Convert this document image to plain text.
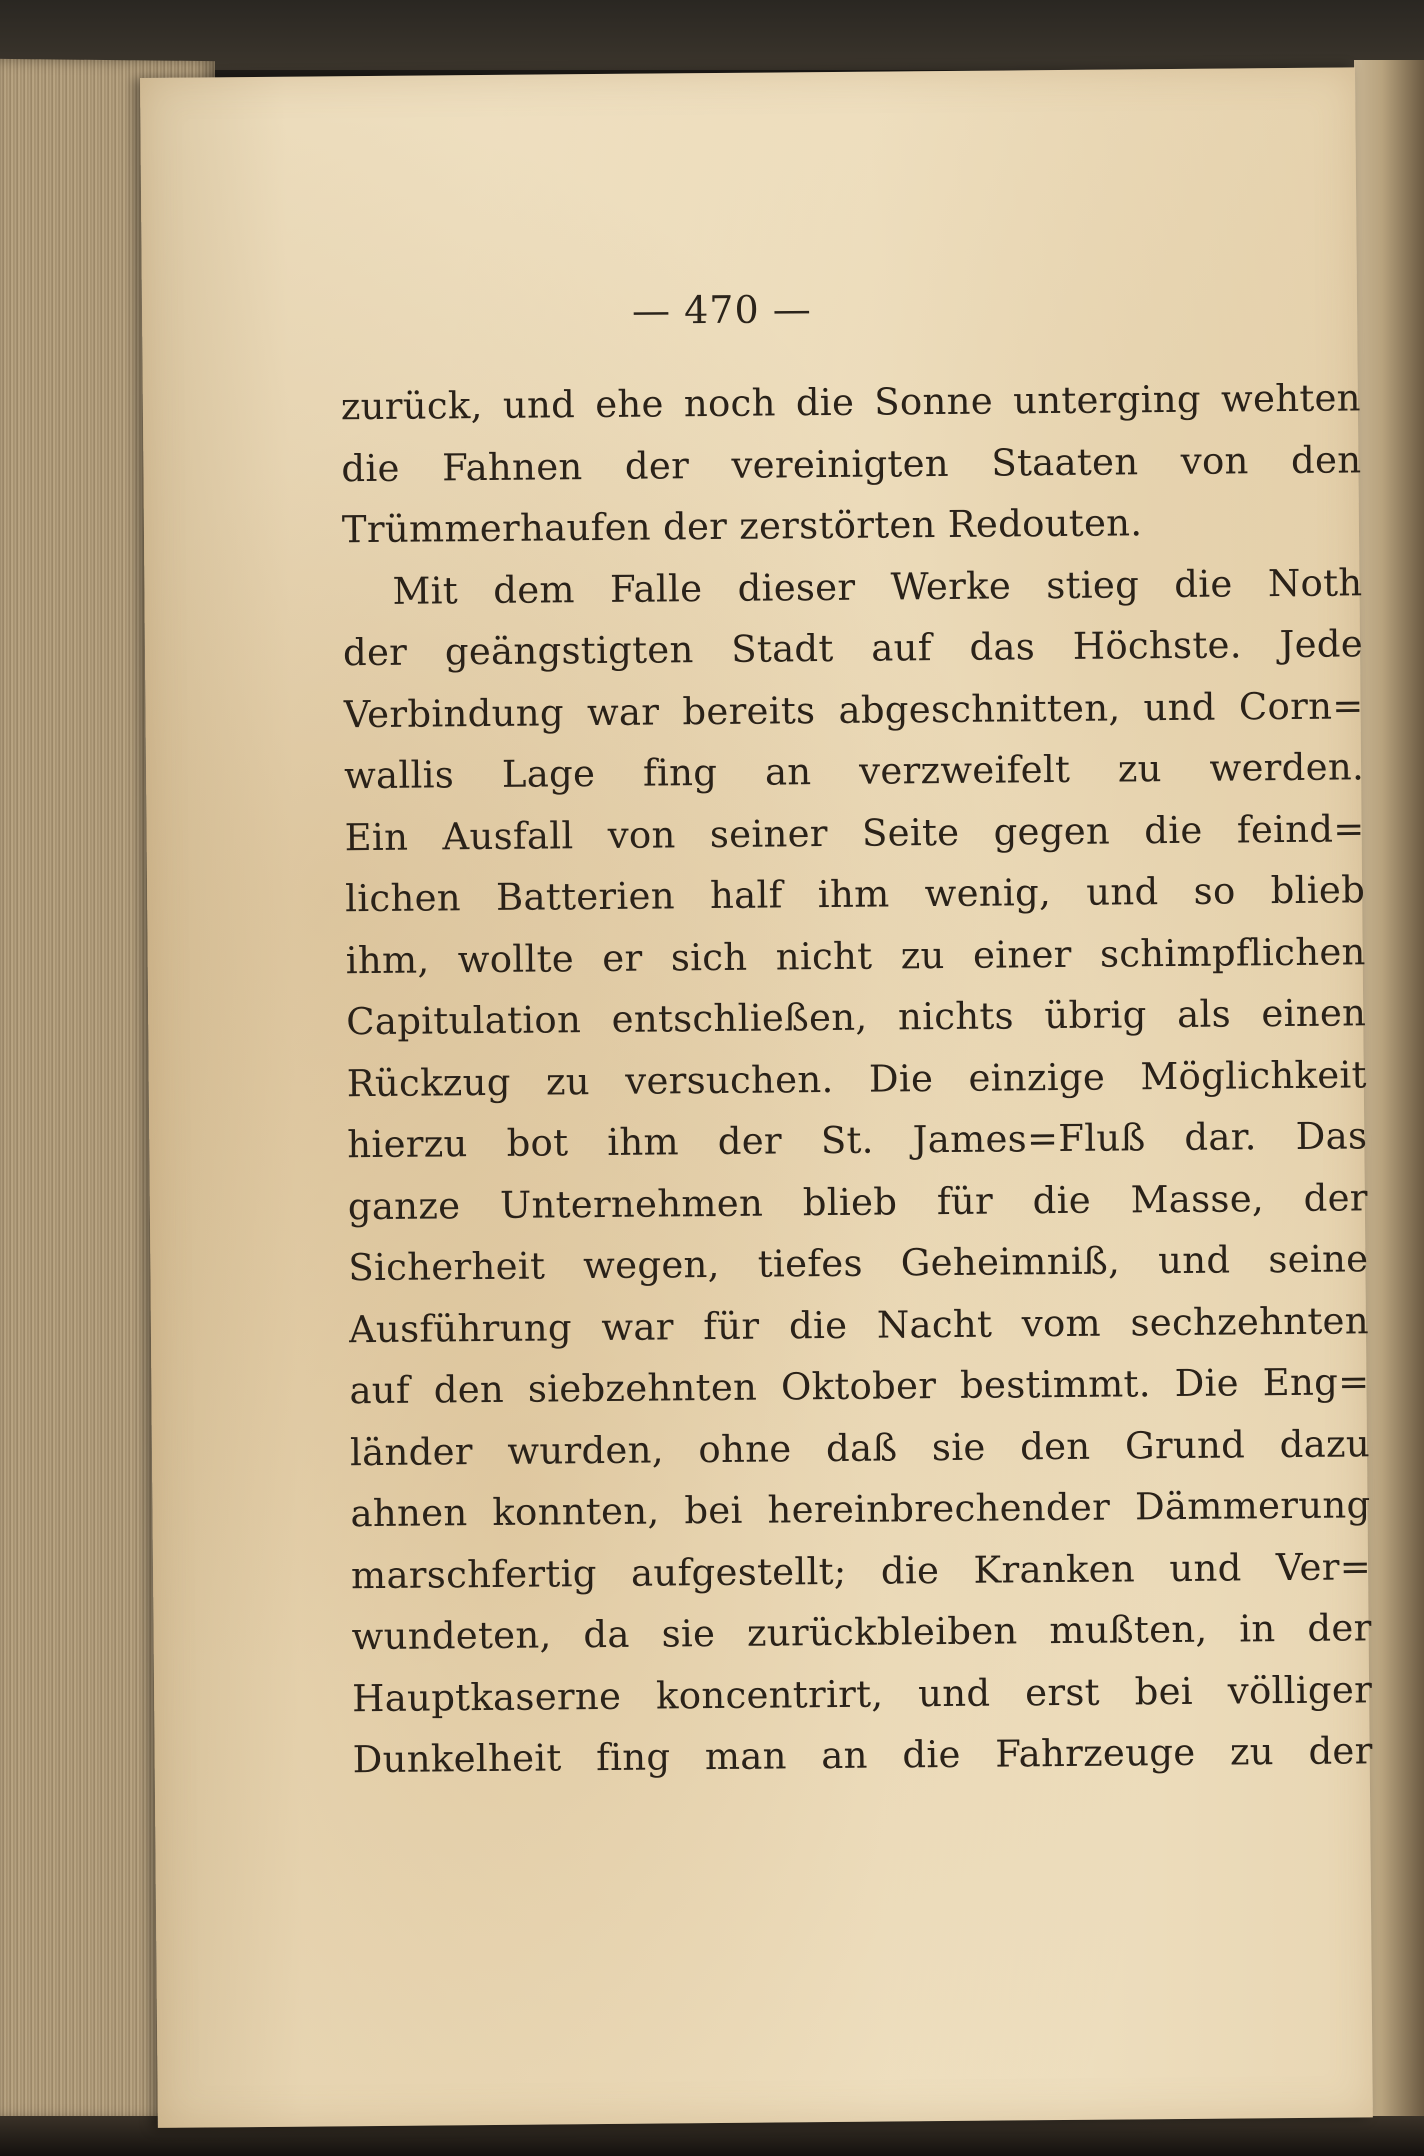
— 470 —
zurück, und ehe noch die Sonne unterging wehten
die Fahnen der vereinigten Staaten von den
Trümmerhaufen der zerstörten Redouten.
Mit dem Falle dieser Werke stieg die Noth
der geängstigten Stadt auf das Höchste. Jede
Verbindung war bereits abgeschnitten, und Corn=
wallis Lage fing an verzweifelt zu werden.
Ein Ausfall von seiner Seite gegen die feind=
lichen Batterien half ihm wenig, und so blieb
ihm, wollte er sich nicht zu einer schimpflichen
Capitulation entschließen, nichts übrig als einen
Rückzug zu versuchen. Die einzige Möglichkeit
hierzu bot ihm der St. James=Fluß dar. Das
ganze Unternehmen blieb für die Masse, der
Sicherheit wegen, tiefes Geheimniß, und seine
Ausführung war für die Nacht vom sechzehnten
auf den siebzehnten Oktober bestimmt. Die Eng=
länder wurden, ohne daß sie den Grund dazu
ahnen konnten, bei hereinbrechender Dämmerung
marschfertig aufgestellt; die Kranken und Ver=
wundeten, da sie zurückbleiben mußten, in der
Hauptkaserne koncentrirt, und erst bei völliger
Dunkelheit fing man an die Fahrzeuge zu der
